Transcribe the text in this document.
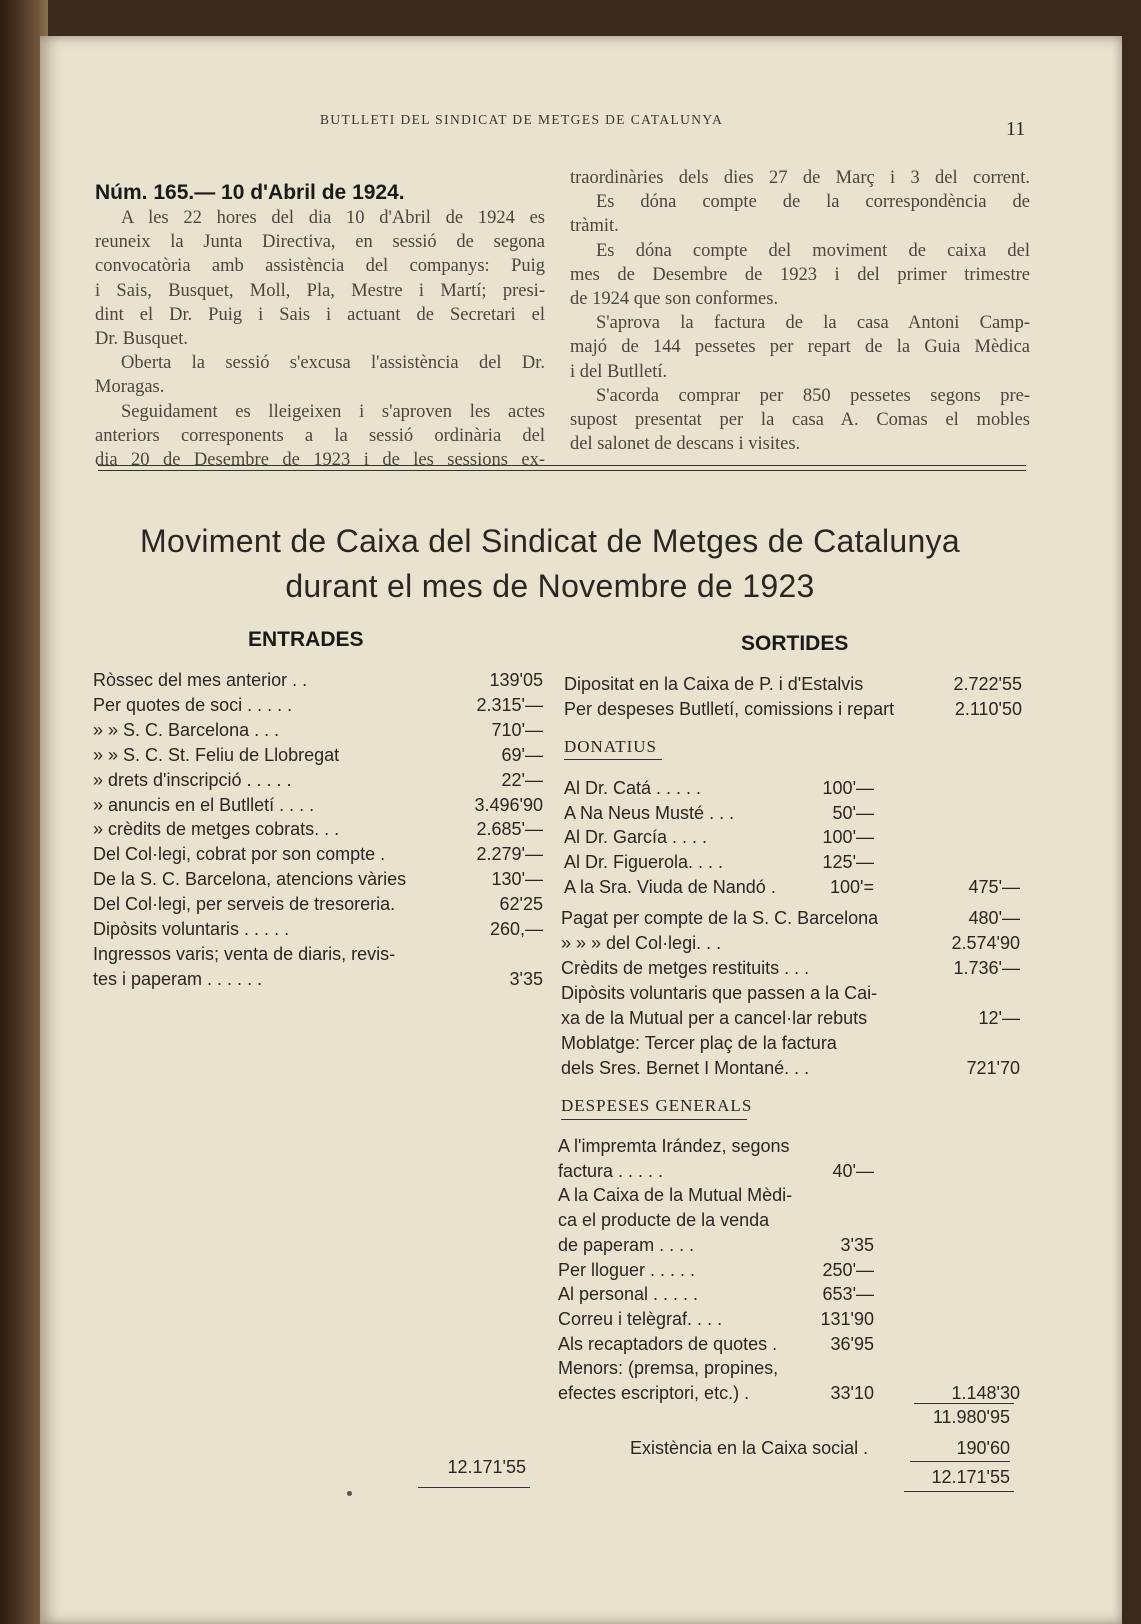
BUTLLETI DEL SINDICAT DE METGES DE CATALUNYA	11

Núm. 165.— 10 d'Abril de 1924.

A les 22 hores del dia 10 d'Abril de 1924 es

reuneix la Junta Directiva, en sessió de segona

convocatòria amb assistència del companys: Puig

i Sais, Busquet, Moll, Pla, Mestre i Martí; presi-

dint el Dr. Puig i Sais i actuant de Secretari el

Dr. Busquet.

Oberta la sessió s'excusa l'assistència del Dr.

Moragas.

Seguidament es lleigeixen i s'aproven les actes

anteriors corresponents a la sessió ordinària del

dia 20 de Desembre de 1923 i de les sessions ex-

traordinàries dels dies 27 de Març i 3 del corrent.

Es dóna compte de la correspondència de

tràmit.

Es dóna compte del moviment de caixa del

mes de Desembre de 1923 i del primer trimestre

de 1924 que son conformes.

S'aprova la factura de la casa Antoni Camp-

majó de 144 pessetes per repart de la Guia Mèdica

i del Butlletí.

S'acorda comprar per 850 pessetes segons pre-

supost presentat per la casa A. Comas el mobles

del salonet de descans i visites.

Moviment de Caixa del Sindicat de Metges de Catalunya
durant el mes de Novembre de 1923
ENTRADES	SORTIDES
Ròssec del mes anterior . .	139'05
Per quotes de soci . . . . .	2.315'—
» » S. C. Barcelona . . .	710'—
» » S. C. St. Feliu de Llobregat	69'—
» drets d'inscripció . . . . .	22'—
» anuncis en el Butlletí . . . .	3.496'90
» crèdits de metges cobrats. . .	2.685'—
Del Col·legi, cobrat por son compte .	2.279'—
De la S. C. Barcelona, atencions vàries	130'—
Del Col·legi, per serveis de tresoreria.	62'25
Dipòsits voluntaris . . . . .	260,—
Ingressos varis; venta de diaris, revis-
tes i paperam . . . . . .	3'35
12.171'55
Dipositat en la Caixa de P. i d'Estalvis	2.722'55
Per despeses Butlletí, comissions i repart	2.110'50
DONATIUS
Al Dr. Catá . . . . .	100'—
A Na Neus Musté . . .	50'—
Al Dr. García . . . .	100'—
Al Dr. Figuerola. . . .	125'—
A la Sra. Viuda de Nandó .	100'=	475'—
Pagat per compte de la S. C. Barcelona	480'—
» » » del Col·legi. . .	2.574'90
Crèdits de metges restituits . . .	1.736'—
Dipòsits voluntaris que passen a la Cai-
xa de la Mutual per a cancel·lar rebuts	12'—
Moblatge: Tercer plaç de la factura
dels Sres. Bernet I Montané. . .	721'70
DESPESES GENERALS
A l'impremta Irández, segons
factura . . . . .	40'—
A la Caixa de la Mutual Mèdi-
ca el producte de la venda
de paperam . . . .	3'35
Per lloguer . . . . .	250'—
Al personal . . . . .	653'—
Correu i telègraf. . . .	131'90
Als recaptadors de quotes .	36'95
Menors: (premsa, propines,
efectes escriptori, etc.) .	33'10	1.148'30
11.980'95
Existència en la Caixa social .	190'60
12.171'55
